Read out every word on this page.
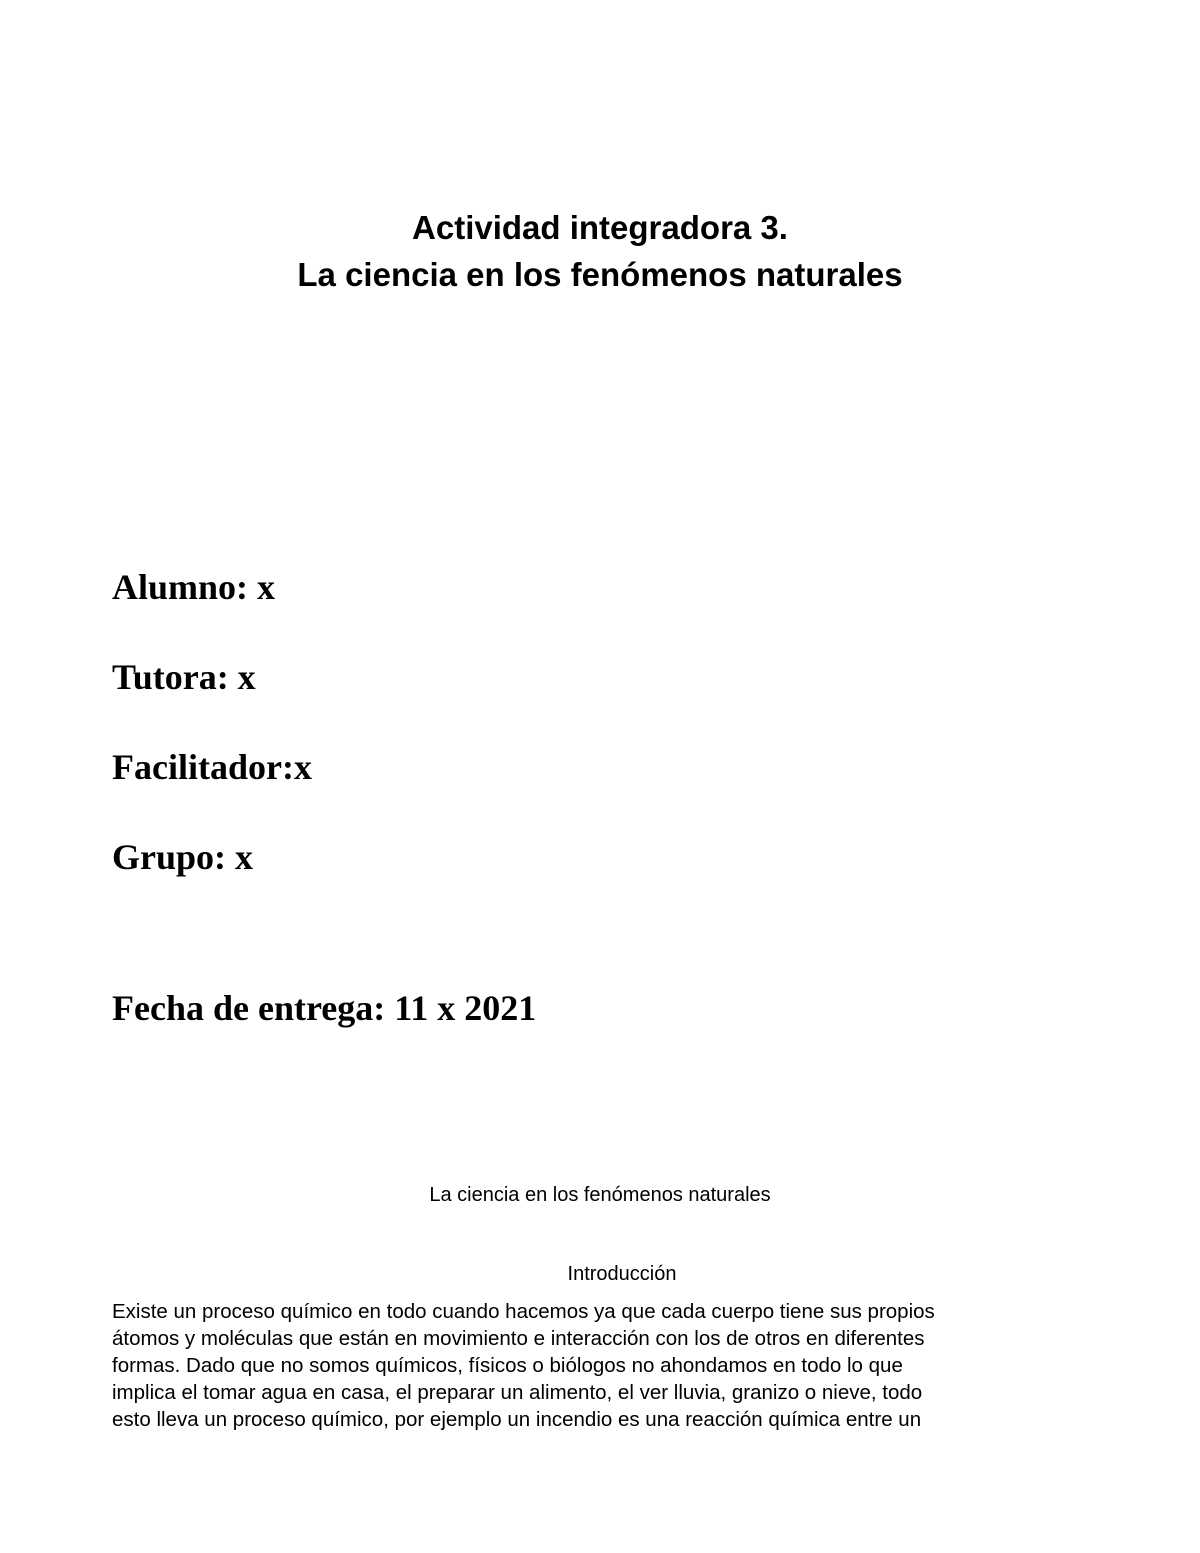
Actividad integradora 3.
La ciencia en los fenómenos naturales
Alumno: x
Tutora: x
Facilitador:x
Grupo: x
Fecha de entrega: 11 x 2021
La ciencia en los fenómenos naturales
Introducción
Existe un proceso químico en todo cuando hacemos ya que cada cuerpo tiene sus propios
átomos y moléculas que están en movimiento e interacción con los de otros en diferentes
formas. Dado que no somos químicos, físicos o biólogos no ahondamos en todo lo que
implica el tomar agua en casa, el preparar un alimento, el ver lluvia, granizo o nieve, todo
esto lleva un proceso químico, por ejemplo un incendio es una reacción química entre un
